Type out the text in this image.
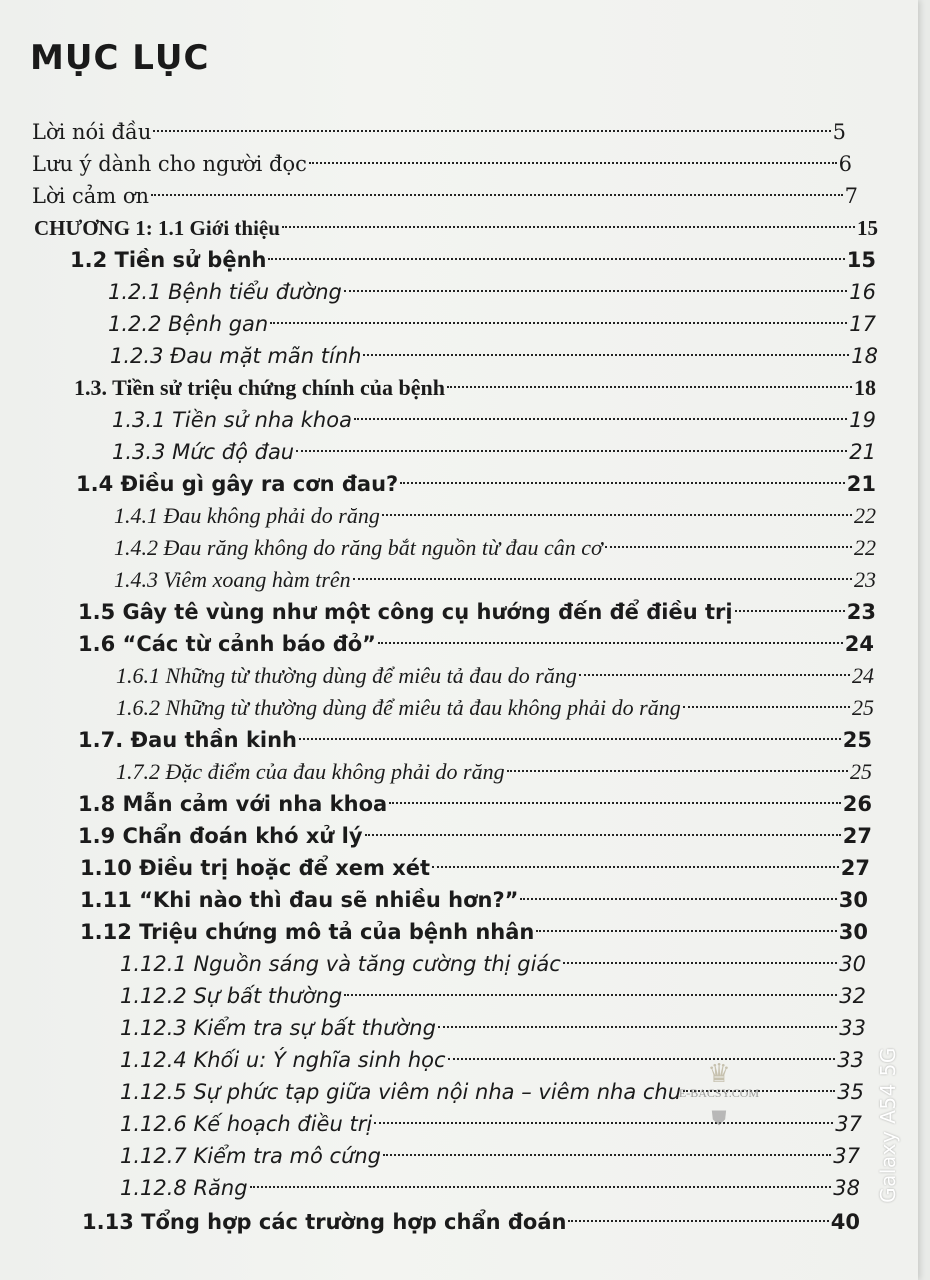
MỤC LỤC
Lời nói đầu	5
Lưu ý dành cho người đọc	6
Lời cảm ơn	7
CHƯƠNG 1: 1.1 Giới thiệu	15
1.2 Tiền sử bệnh	15
1.2.1 Bệnh tiểu đường	16
1.2.2 Bệnh gan	17
1.2.3 Đau mặt mãn tính	18
1.3. Tiền sử triệu chứng chính của bệnh	18
1.3.1 Tiền sử nha khoa	19
1.3.3 Mức độ đau	21
1.4 Điều gì gây ra cơn đau?	21
1.4.1 Đau không phải do răng	22
1.4.2 Đau răng không do răng bắt nguồn từ đau cân cơ	22
1.4.3 Viêm xoang hàm trên	23
1.5 Gây tê vùng như một công cụ hướng đến để điều trị	23
1.6 “Các từ cảnh báo đỏ”	24
1.6.1 Những từ thường dùng để miêu tả đau do răng	24
1.6.2 Những từ thường dùng để miêu tả đau không phải do răng	25
1.7. Đau thần kinh	25
1.7.2 Đặc điểm của đau không phải do răng	25
1.8 Mẫn cảm với nha khoa	26
1.9 Chẩn đoán khó xử lý	27
1.10 Điều trị hoặc để xem xét	27
1.11 “Khi nào thì đau sẽ nhiều hơn?”	30
1.12 Triệu chứng mô tả của bệnh nhân	30
1.12.1 Nguồn sáng và tăng cường thị giác	30
1.12.2 Sự bất thường	32
1.12.3 Kiểm tra sự bất thường	33
1.12.4 Khối u: Ý nghĩa sinh học	33
1.12.5 Sự phức tạp giữa viêm nội nha – viêm nha chu	35
1.12.6 Kế hoạch điều trị	37
1.12.7 Kiểm tra mô cứng	37
1.12.8 Răng	38
1.13 Tổng hợp các trường hợp chẩn đoán	40
♛
E-BACSY.COM
⛊	Galaxy A54 5G
